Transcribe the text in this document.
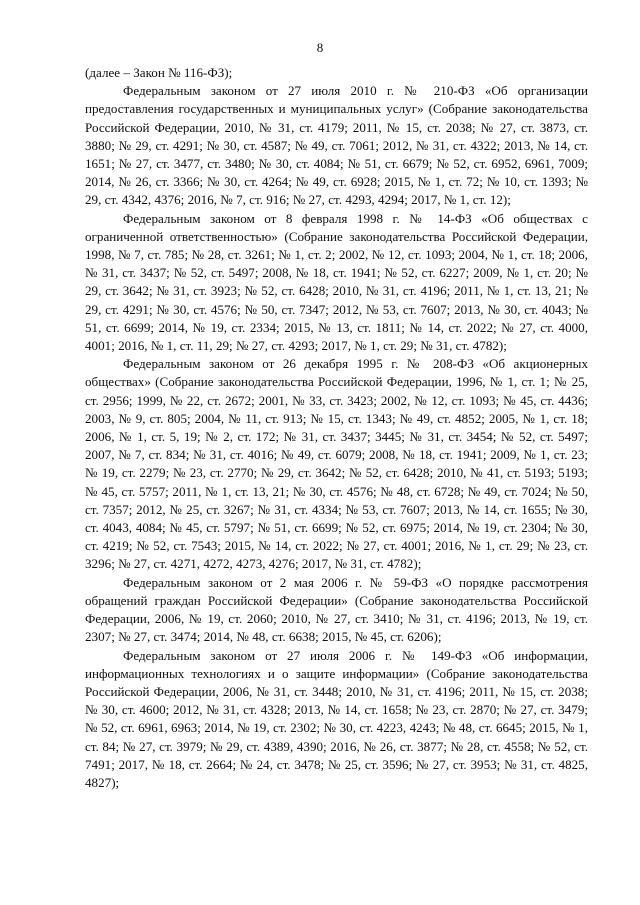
8

(далее – Закон № 116-ФЗ);

Федеральным законом от 27 июля 2010 г. № 210-ФЗ «Об организации предоставления государственных и муниципальных услуг» (Собрание законодательства Российской Федерации, 2010, № 31, ст. 4179; 2011, № 15, ст. 2038; № 27, ст. 3873, ст. 3880; № 29, ст. 4291; № 30, ст. 4587; № 49, ст. 7061; 2012, № 31, ст. 4322; 2013, № 14, ст. 1651; № 27, ст. 3477, ст. 3480; № 30, ст. 4084; № 51, ст. 6679; № 52, ст. 6952, 6961, 7009; 2014, № 26, ст. 3366; № 30, ст. 4264; № 49, ст. 6928; 2015, № 1, ст. 72; № 10, ст. 1393; № 29, ст. 4342, 4376; 2016, № 7, ст. 916; № 27, ст. 4293, 4294; 2017, № 1, ст. 12);

Федеральным законом от 8 февраля 1998 г. № 14-ФЗ «Об обществах с ограниченной ответственностью» (Собрание законодательства Российской Федерации, 1998, № 7, ст. 785; № 28, ст. 3261; № 1, ст. 2; 2002, № 12, ст. 1093; 2004, № 1, ст. 18; 2006, № 31, ст. 3437; № 52, ст. 5497; 2008, № 18, ст. 1941; № 52, ст. 6227; 2009, № 1, ст. 20; № 29, ст. 3642; № 31, ст. 3923; № 52, ст. 6428; 2010, № 31, ст. 4196; 2011, № 1, ст. 13, 21; № 29, ст. 4291; № 30, ст. 4576; № 50, ст. 7347; 2012, № 53, ст. 7607; 2013, № 30, ст. 4043; № 51, ст. 6699; 2014, № 19, ст. 2334; 2015, № 13, ст. 1811; № 14, ст. 2022; № 27, ст. 4000, 4001; 2016, № 1, ст. 11, 29; № 27, ст. 4293; 2017, № 1, ст. 29; № 31, ст. 4782);

Федеральным законом от 26 декабря 1995 г. № 208-ФЗ «Об акционерных обществах» (Собрание законодательства Российской Федерации, 1996, № 1, ст. 1; № 25, ст. 2956; 1999, № 22, ст. 2672; 2001, № 33, ст. 3423; 2002, № 12, ст. 1093; № 45, ст. 4436; 2003, № 9, ст. 805; 2004, № 11, ст. 913; № 15, ст. 1343; № 49, ст. 4852; 2005, № 1, ст. 18; 2006, № 1, ст. 5, 19; № 2, ст. 172; № 31, ст. 3437; 3445; № 31, ст. 3454; № 52, ст. 5497; 2007, № 7, ст. 834; № 31, ст. 4016; № 49, ст. 6079; 2008, № 18, ст. 1941; 2009, № 1, ст. 23; № 19, ст. 2279; № 23, ст. 2770; № 29, ст. 3642; № 52, ст. 6428; 2010, № 41, ст. 5193; 5193; № 45, ст. 5757; 2011, № 1, ст. 13, 21; № 30, ст. 4576; № 48, ст. 6728; № 49, ст. 7024; № 50, ст. 7357; 2012, № 25, ст. 3267; № 31, ст. 4334; № 53, ст. 7607; 2013, № 14, ст. 1655; № 30, ст. 4043, 4084; № 45, ст. 5797; № 51, ст. 6699; № 52, ст. 6975; 2014, № 19, ст. 2304; № 30, ст. 4219; № 52, ст. 7543; 2015, № 14, ст. 2022; № 27, ст. 4001; 2016, № 1, ст. 29; № 23, ст. 3296; № 27, ст. 4271, 4272, 4273, 4276; 2017, № 31, ст. 4782);

Федеральным законом от 2 мая 2006 г. № 59-ФЗ «О порядке рассмотрения обращений граждан Российской Федерации» (Собрание законодательства Российской Федерации, 2006, № 19, ст. 2060; 2010, № 27, ст. 3410; № 31, ст. 4196; 2013, № 19, ст. 2307; № 27, ст. 3474; 2014, № 48, ст. 6638; 2015, № 45, ст. 6206);

Федеральным законом от 27 июля 2006 г. № 149-ФЗ «Об информации, информационных технологиях и о защите информации» (Собрание законодательства Российской Федерации, 2006, № 31, ст. 3448; 2010, № 31, ст. 4196; 2011, № 15, ст. 2038; № 30, ст. 4600; 2012, № 31, ст. 4328; 2013, № 14, ст. 1658; № 23, ст. 2870; № 27, ст. 3479; № 52, ст. 6961, 6963; 2014, № 19, ст. 2302; № 30, ст. 4223, 4243; № 48, ст. 6645; 2015, № 1, ст. 84; № 27, ст. 3979; № 29, ст. 4389, 4390; 2016, № 26, ст. 3877; № 28, ст. 4558; № 52, ст. 7491; 2017, № 18, ст. 2664; № 24, ст. 3478; № 25, ст. 3596; № 27, ст. 3953; № 31, ст. 4825, 4827);
